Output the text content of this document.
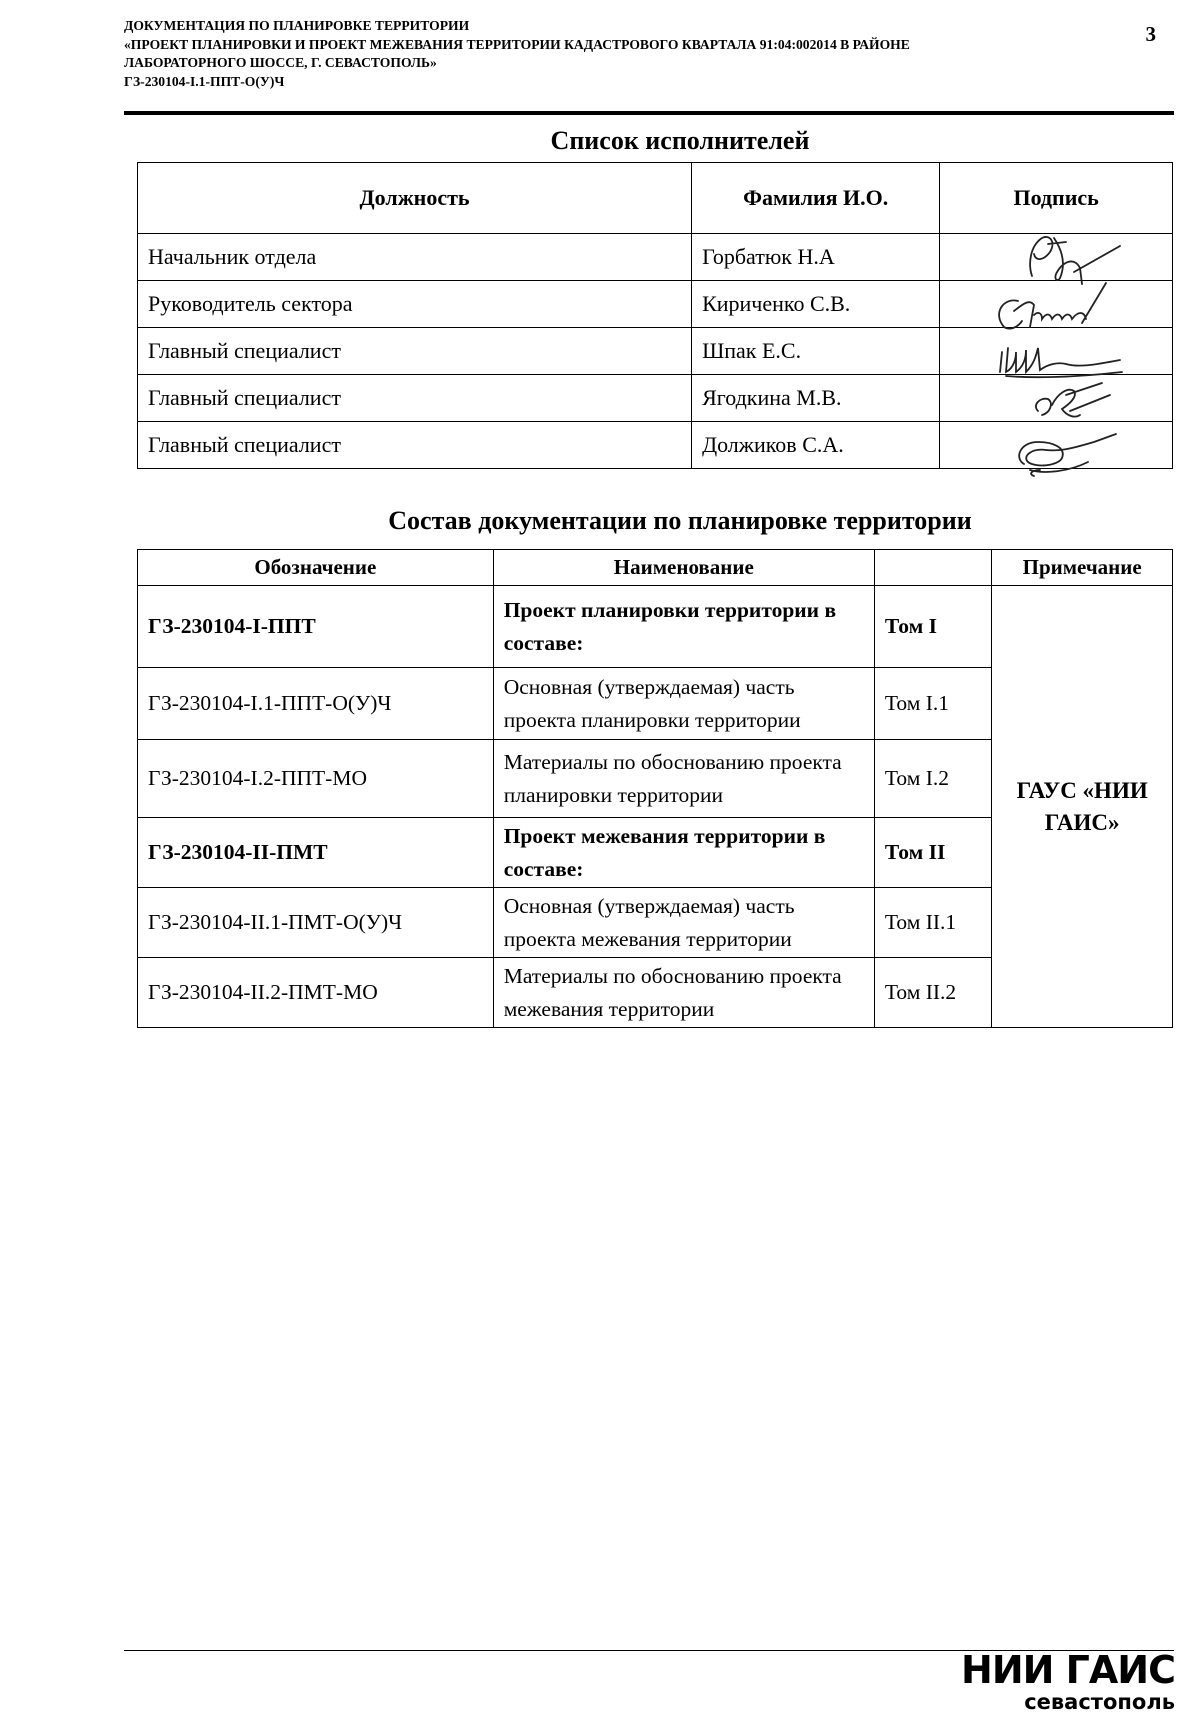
ДОКУМЕНТАЦИЯ ПО ПЛАНИРОВКЕ ТЕРРИТОРИИ
«ПРОЕКТ ПЛАНИРОВКИ И ПРОЕКТ МЕЖЕВАНИЯ ТЕРРИТОРИИ КАДАСТРОВОГО КВАРТАЛА 91:04:002014 В РАЙОНЕ
ЛАБОРАТОРНОГО ШОССЕ, Г. СЕВАСТОПОЛЬ»
ГЗ-230104-I.1-ППТ-О(У)Ч
3
Список исполнителей
Должность	Фамилия И.О.	Подпись
Начальник отдела	Горбатюк Н.А	

Руководитель сектора	Кириченко С.В.	

Главный специалист	Шпак Е.С.	

Главный специалист	Ягодкина М.В.	

Главный специалист	Должиков С.А.	
Состав документации по планировке территории
Обозначение	Наименование		Примечание
ГЗ-230104-I-ППТ	Проект планировки территории в составе:	Том I	ГАУС «НИИ ГАИС»
ГЗ-230104-I.1-ППТ-О(У)Ч	Основная (утверждаемая) часть проекта планировки территории	Том I.1	
ГЗ-230104-I.2-ППТ-МО	Материалы по обоснованию проекта планировки территории	Том I.2	
ГЗ-230104-II-ПМТ	Проект межевания территории в составе:	Том II	
ГЗ-230104-II.1-ПМТ-О(У)Ч	Основная (утверждаемая) часть проекта межевания территории	Том II.1	
ГЗ-230104-II.2-ПМТ-МО	Материалы по обоснованию проекта межевания территории	Том II.2	
НИИ ГАИС
севастополь
